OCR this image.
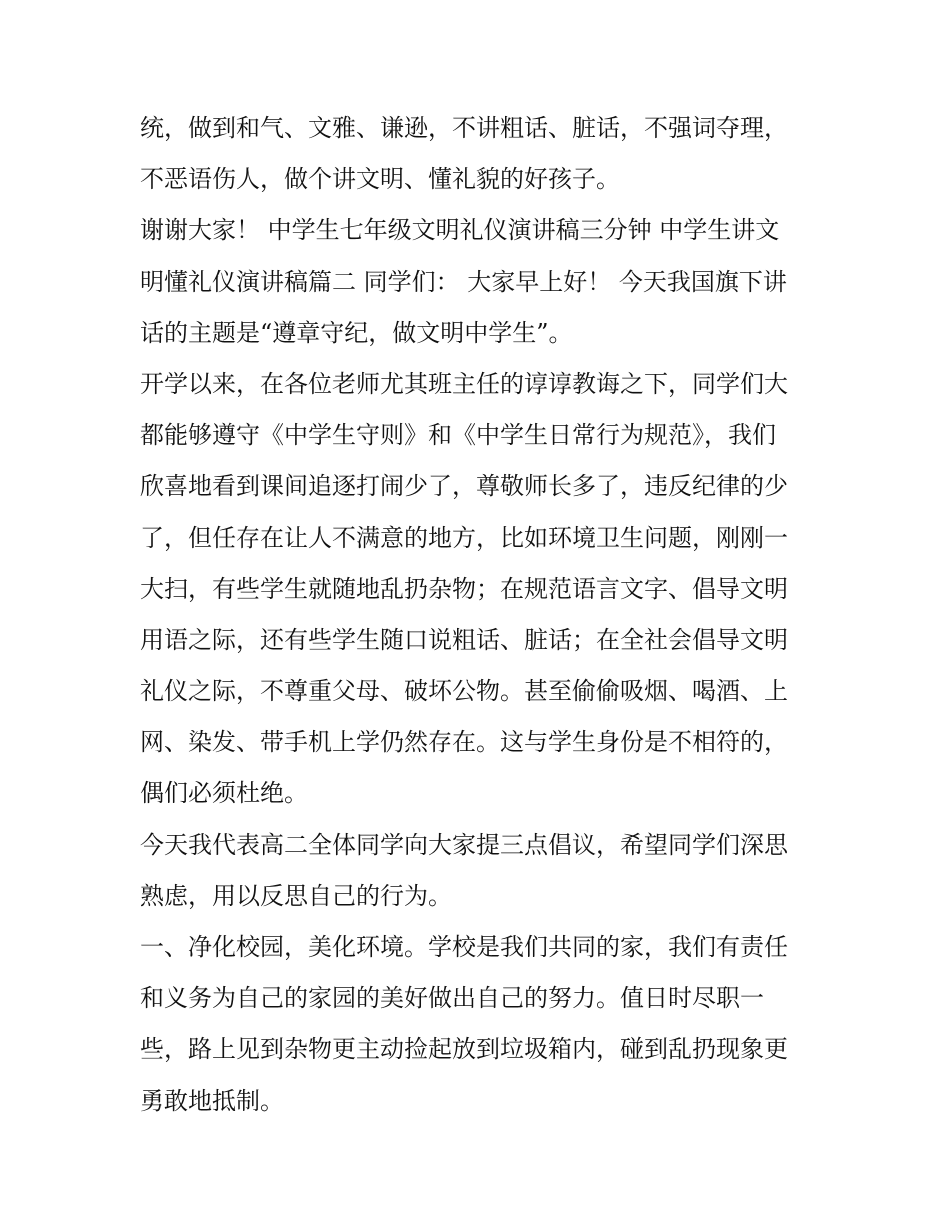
统，做到和气、文雅、谦逊，不讲粗话、脏话，不强词夺理，
不恶语伤人，做个讲文明、懂礼貌的好孩子。
谢谢大家！ 中学生七年级文明礼仪演讲稿三分钟 中学生讲文
明懂礼仪演讲稿篇二 同学们： 大家早上好！ 今天我国旗下讲
话的主题是“遵章守纪，做文明中学生”。
开学以来，在各位老师尤其班主任的谆谆教诲之下，同学们大
都能够遵守《中学生守则》和《中学生日常行为规范》，我们
欣喜地看到课间追逐打闹少了，尊敬师长多了，违反纪律的少
了，但任存在让人不满意的地方，比如环境卫生问题，刚刚一
大扫，有些学生就随地乱扔杂物；在规范语言文字、倡导文明
用语之际，还有些学生随口说粗话、脏话；在全社会倡导文明
礼仪之际，不尊重父母、破坏公物。甚至偷偷吸烟、喝酒、上
网、染发、带手机上学仍然存在。这与学生身份是不相符的，
偶们必须杜绝。
今天我代表高二全体同学向大家提三点倡议，希望同学们深思
熟虑，用以反思自己的行为。
一、净化校园，美化环境。学校是我们共同的家，我们有责任
和义务为自己的家园的美好做出自己的努力。值日时尽职一
些，路上见到杂物更主动捡起放到垃圾箱内，碰到乱扔现象更
勇敢地抵制。
